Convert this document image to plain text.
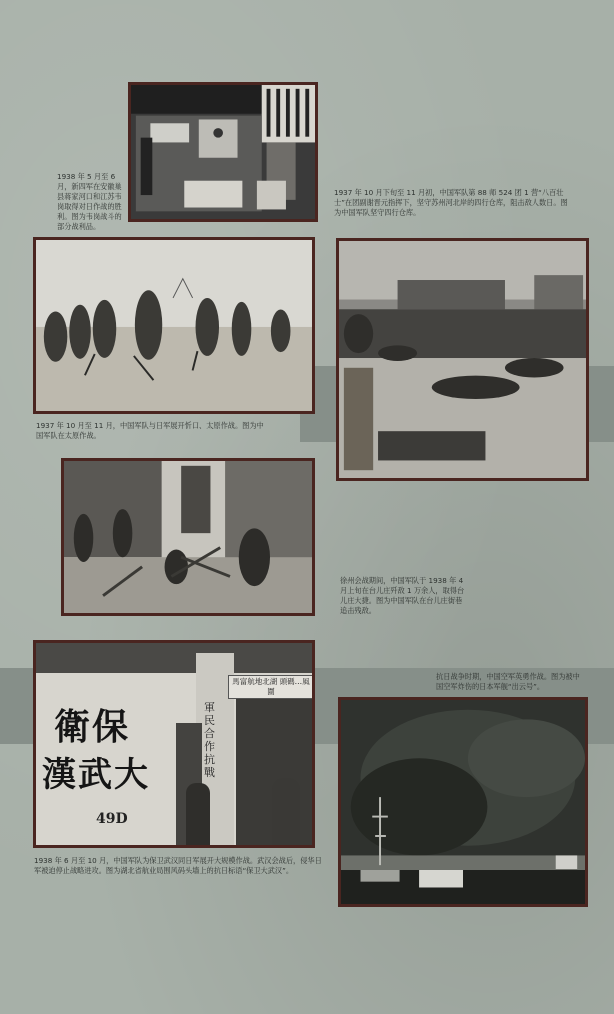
1938 年 5 月至 6 月，新四军在安徽巢县蒋家河口和江苏韦岗取得对日作战的胜利。图为韦岗战斗的部分战利品。
1937 年 10 月下旬至 11 月初，中国军队第 88 师 524 团 1 营“八百壮士”在团副谢晋元指挥下，坚守苏州河北岸的四行仓库，阻击敌人数日。图为中国军队坚守四行仓库。
1937 年 10 月至 11 月，中国军队与日军展开忻口、太原作战。图为中国军队在太原作战。
徐州会战期间，中国军队于 1938 年 4 月上旬在台儿庄歼敌 1 万余人，取得台儿庄大捷。图为中国军队在台儿庄街巷追击残敌。
衛保
漢武大
49D
馬富航地北湖 頭碼…風圍
軍民合作抗戰
1938 年 6 月至 10 月，中国军队为保卫武汉同日军展开大规模作战。武汉会战后，侵华日军被迫停止战略进攻。图为湖北省航业局围风码头墙上的抗日标语“保卫大武汉”。
抗日战争时期，中国空军英勇作战。图为被中国空军炸伤的日本军舰“出云号”。
